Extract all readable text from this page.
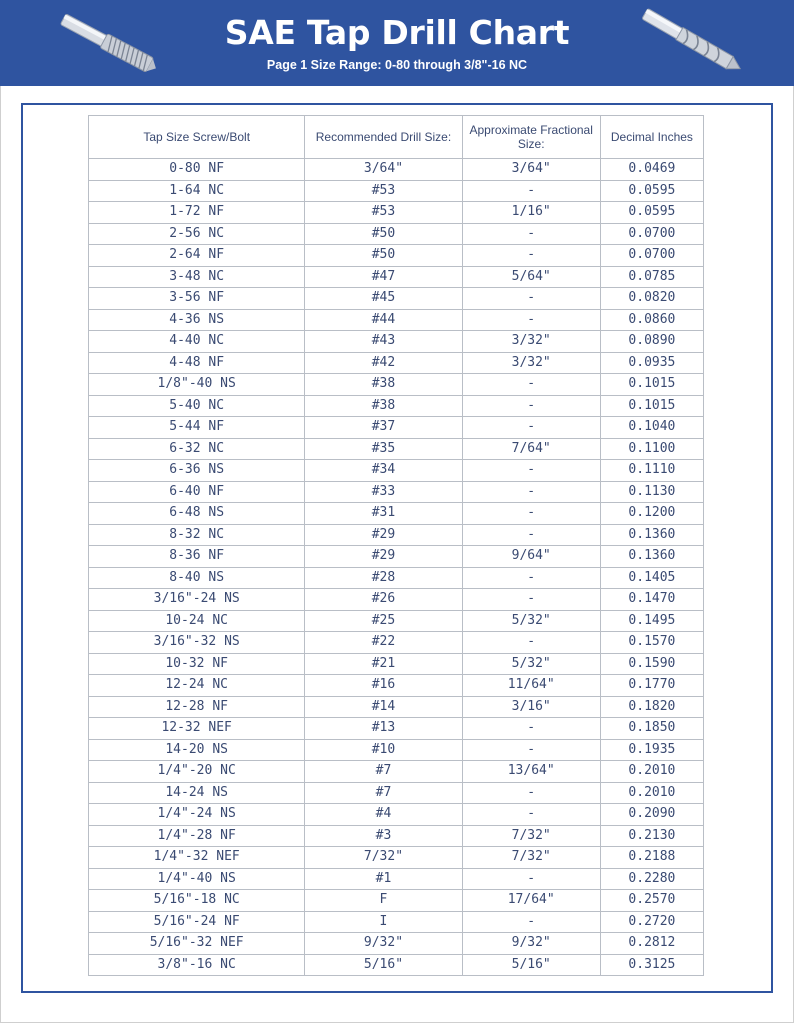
SAE Tap Drill Chart
Page 1 Size Range: 0-80 through 3/8"-16 NC
Tap Size Screw/Bolt	Recommended Drill Size:	Approximate Fractional Size:	Decimal Inches
0-80 NF	3/64"	3/64"	0.0469
1-64 NC	#53	-	0.0595
1-72 NF	#53	1/16"	0.0595
2-56 NC	#50	-	0.0700
2-64 NF	#50	-	0.0700
3-48 NC	#47	5/64"	0.0785
3-56 NF	#45	-	0.0820
4-36 NS	#44	-	0.0860
4-40 NC	#43	3/32"	0.0890
4-48 NF	#42	3/32"	0.0935
1/8"-40 NS	#38	-	0.1015
5-40 NC	#38	-	0.1015
5-44 NF	#37	-	0.1040
6-32 NC	#35	7/64"	0.1100
6-36 NS	#34	-	0.1110
6-40 NF	#33	-	0.1130
6-48 NS	#31	-	0.1200
8-32 NC	#29	-	0.1360
8-36 NF	#29	9/64"	0.1360
8-40 NS	#28	-	0.1405
3/16"-24 NS	#26	-	0.1470
10-24 NC	#25	5/32"	0.1495
3/16"-32 NS	#22	-	0.1570
10-32 NF	#21	5/32"	0.1590
12-24 NC	#16	11/64"	0.1770
12-28 NF	#14	3/16"	0.1820
12-32 NEF	#13	-	0.1850
14-20 NS	#10	-	0.1935
1/4"-20 NC	#7	13/64"	0.2010
14-24 NS	#7	-	0.2010
1/4"-24 NS	#4	-	0.2090
1/4"-28 NF	#3	7/32"	0.2130
1/4"-32 NEF	7/32"	7/32"	0.2188
1/4"-40 NS	#1	-	0.2280
5/16"-18 NC	F	17/64"	0.2570
5/16"-24 NF	I	-	0.2720
5/16"-32 NEF	9/32"	9/32"	0.2812
3/8"-16 NC	5/16"	5/16"	0.3125
